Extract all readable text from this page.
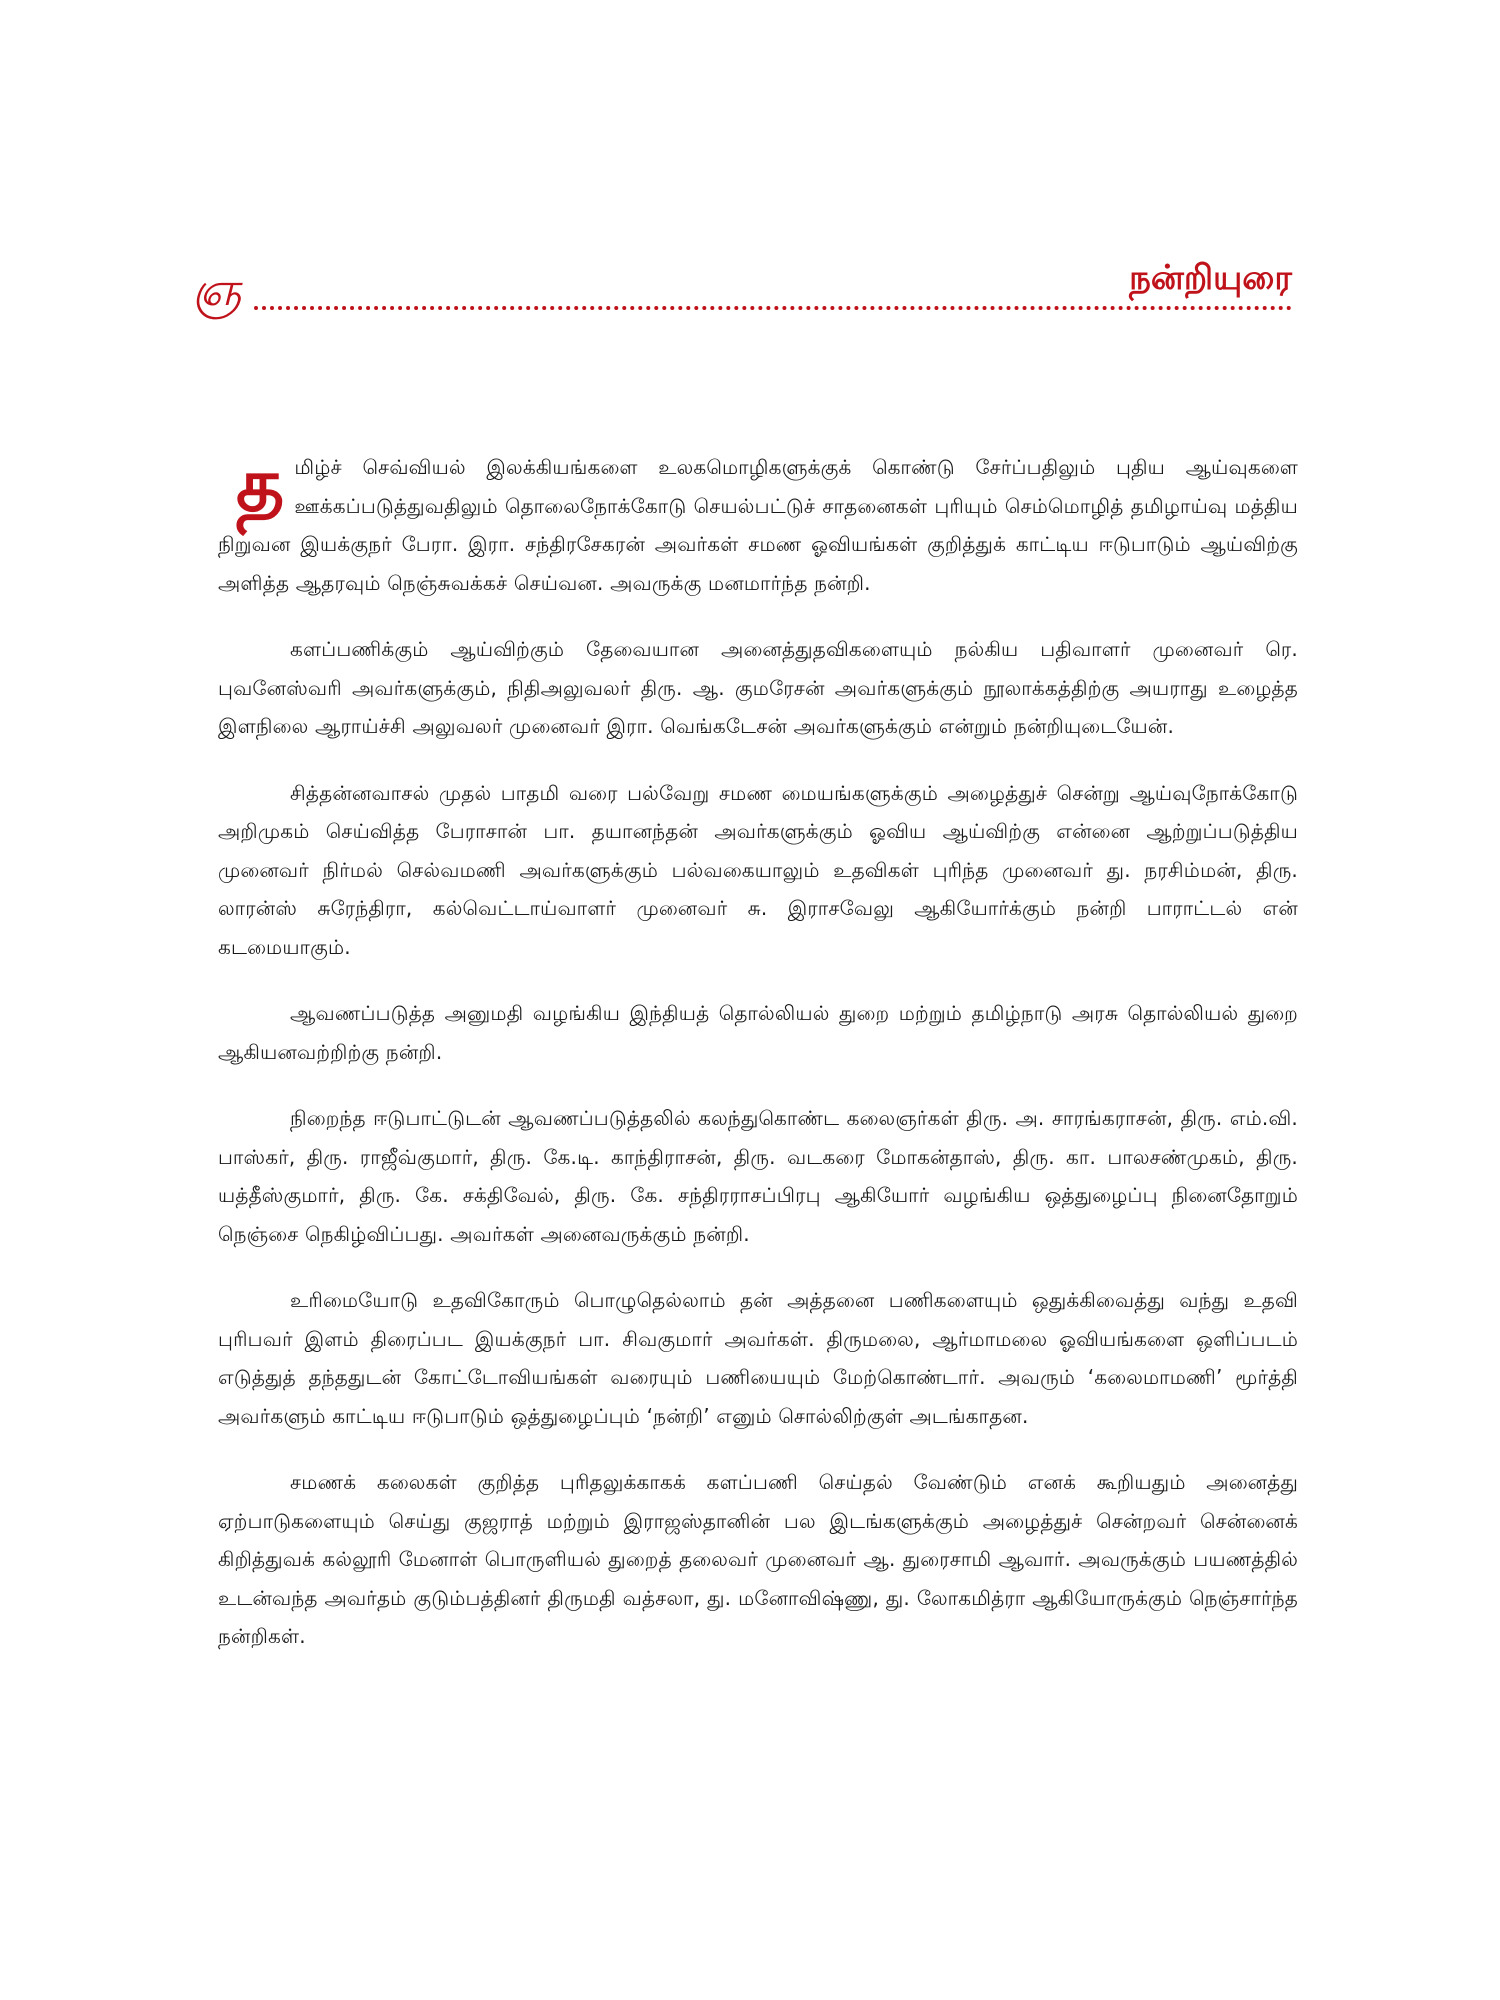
ஞ	நன்றியுரை

த மிழ்ச் செவ்வியல் இலக்கியங்களை உலகமொழிகளுக்குக் கொண்டு சேர்ப்பதிலும் புதிய ஆய்வுகளை ஊக்கப்படுத்துவதிலும் தொலைநோக்கோடு செயல்பட்டுச் சாதனைகள் புரியும் செம்மொழித் தமிழாய்வு மத்திய நிறுவன இயக்குநர் பேரா. இரா. சந்திரசேகரன் அவர்கள் சமண ஓவியங்கள் குறித்துக் காட்டிய ஈடுபாடும் ஆய்விற்கு அளித்த ஆதரவும் நெஞ்சுவக்கச் செய்வன. அவருக்கு மனமார்ந்த நன்றி.

களப்பணிக்கும் ஆய்விற்கும் தேவையான அனைத்துதவிகளையும் நல்கிய பதிவாளர் முனைவர் ரெ. புவனேஸ்வரி அவர்களுக்கும், நிதிஅலுவலர் திரு. ஆ. குமரேசன் அவர்களுக்கும் நூலாக்கத்திற்கு அயராது உழைத்த இளநிலை ஆராய்ச்சி அலுவலர் முனைவர் இரா. வெங்கடேசன் அவர்களுக்கும் என்றும் நன்றியுடையேன்.

சித்தன்னவாசல் முதல் பாதமி வரை பல்வேறு சமண மையங்களுக்கும் அழைத்துச் சென்று ஆய்வுநோக்கோடு அறிமுகம் செய்வித்த பேராசான் பா. தயானந்தன் அவர்களுக்கும் ஓவிய ஆய்விற்கு என்னை ஆற்றுப்படுத்திய முனைவர் நிர்மல் செல்வமணி அவர்களுக்கும் பல்வகையாலும் உதவிகள் புரிந்த முனைவர் து. நரசிம்மன், திரு. லாரன்ஸ் சுரேந்திரா, கல்வெட்டாய்வாளர் முனைவர் சு. இராசவேலு ஆகியோர்க்கும் நன்றி பாராட்டல் என் கடமையாகும்.

ஆவணப்படுத்த அனுமதி வழங்கிய இந்தியத் தொல்லியல் துறை மற்றும் தமிழ்நாடு அரசு தொல்லியல் துறை ஆகியனவற்றிற்கு நன்றி.

நிறைந்த ஈடுபாட்டுடன் ஆவணப்படுத்தலில் கலந்துகொண்ட கலைஞர்கள் திரு. அ. சாரங்கராசன், திரு. எம்.வி. பாஸ்கர், திரு. ராஜீவ்குமார், திரு. கே.டி. காந்திராசன், திரு. வடகரை மோகன்தாஸ், திரு. கா. பாலசண்முகம், திரு. யத்தீஸ்குமார், திரு. கே. சக்திவேல், திரு. கே. சந்திரராசப்பிரபு ஆகியோர் வழங்கிய ஒத்துழைப்பு நினைதோறும் நெஞ்சை நெகிழ்விப்பது. அவர்கள் அனைவருக்கும் நன்றி.

உரிமையோடு உதவிகோரும் பொழுதெல்லாம் தன் அத்தனை பணிகளையும் ஒதுக்கிவைத்து வந்து உதவி புரிபவர் இளம் திரைப்பட இயக்குநர் பா. சிவகுமார் அவர்கள். திருமலை, ஆர்மாமலை ஓவியங்களை ஒளிப்படம் எடுத்துத் தந்ததுடன் கோட்டோவியங்கள் வரையும் பணியையும் மேற்கொண்டார். அவரும் ‘கலைமாமணி’ மூர்த்தி அவர்களும் காட்டிய ஈடுபாடும் ஒத்துழைப்பும் ‘நன்றி’ எனும் சொல்லிற்குள் அடங்காதன.

சமணக் கலைகள் குறித்த புரிதலுக்காகக் களப்பணி செய்தல் வேண்டும் எனக் கூறியதும் அனைத்து ஏற்பாடுகளையும் செய்து குஜராத் மற்றும் இராஜஸ்தானின் பல இடங்களுக்கும் அழைத்துச் சென்றவர் சென்னைக் கிறித்துவக் கல்லூரி மேனாள் பொருளியல் துறைத் தலைவர் முனைவர் ஆ. துரைசாமி ஆவார். அவருக்கும் பயணத்தில் உடன்வந்த அவர்தம் குடும்பத்தினர் திருமதி வத்சலா, து. மனோவிஷ்ணு, து. லோகமித்ரா ஆகியோருக்கும் நெஞ்சார்ந்த நன்றிகள்.
